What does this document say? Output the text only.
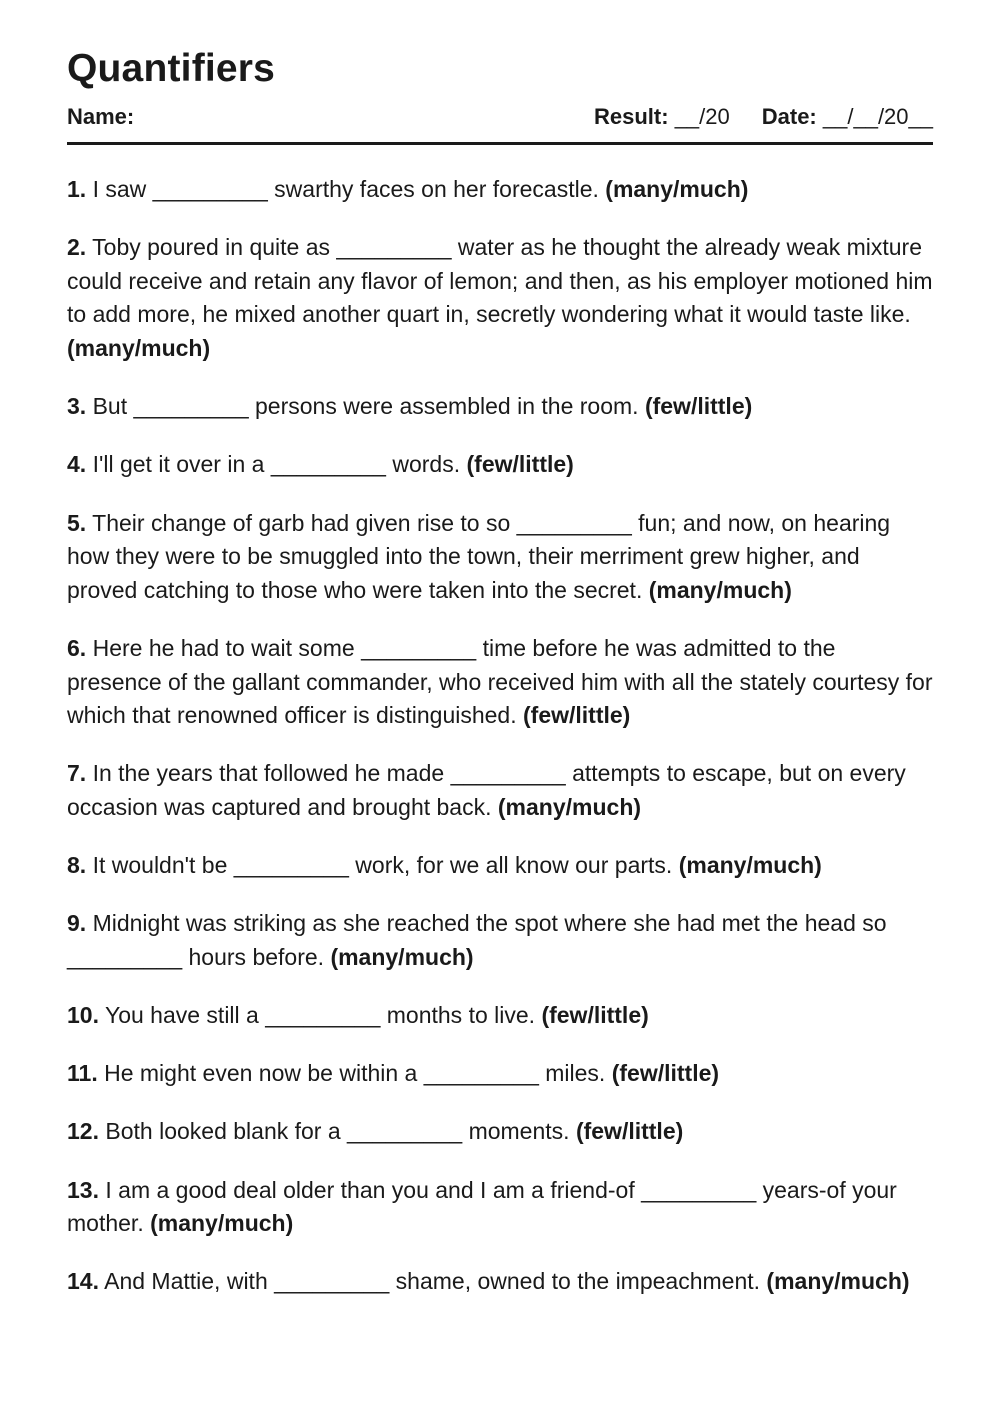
Quantifiers
Name:	Result: __/20 Date: __/__/20__

1. I saw _________ swarthy faces on her forecastle. (many/much)

2. Toby poured in quite as _________ water as he thought the already weak mixture could receive and retain any flavor of lemon; and then, as his employer motioned him to add more, he mixed another quart in, secretly wondering what it would taste like. (many/much)

3. But _________ persons were assembled in the room. (few/little)

4. I'll get it over in a _________ words. (few/little)

5. Their change of garb had given rise to so _________ fun; and now, on hearing how they were to be smuggled into the town, their merriment grew higher, and proved catching to those who were taken into the secret. (many/much)

6. Here he had to wait some _________ time before he was admitted to the presence of the gallant commander, who received him with all the stately courtesy for which that renowned officer is distinguished. (few/little)

7. In the years that followed he made _________ attempts to escape, but on every occasion was captured and brought back. (many/much)

8. It wouldn't be _________ work, for we all know our parts. (many/much)

9. Midnight was striking as she reached the spot where she had met the head so _________ hours before. (many/much)

10. You have still a _________ months to live. (few/little)

11. He might even now be within a _________ miles. (few/little)

12. Both looked blank for a _________ moments. (few/little)

13. I am a good deal older than you and I am a friend-of _________ years-of your mother. (many/much)

14. And Mattie, with _________ shame, owned to the impeachment. (many/much)
